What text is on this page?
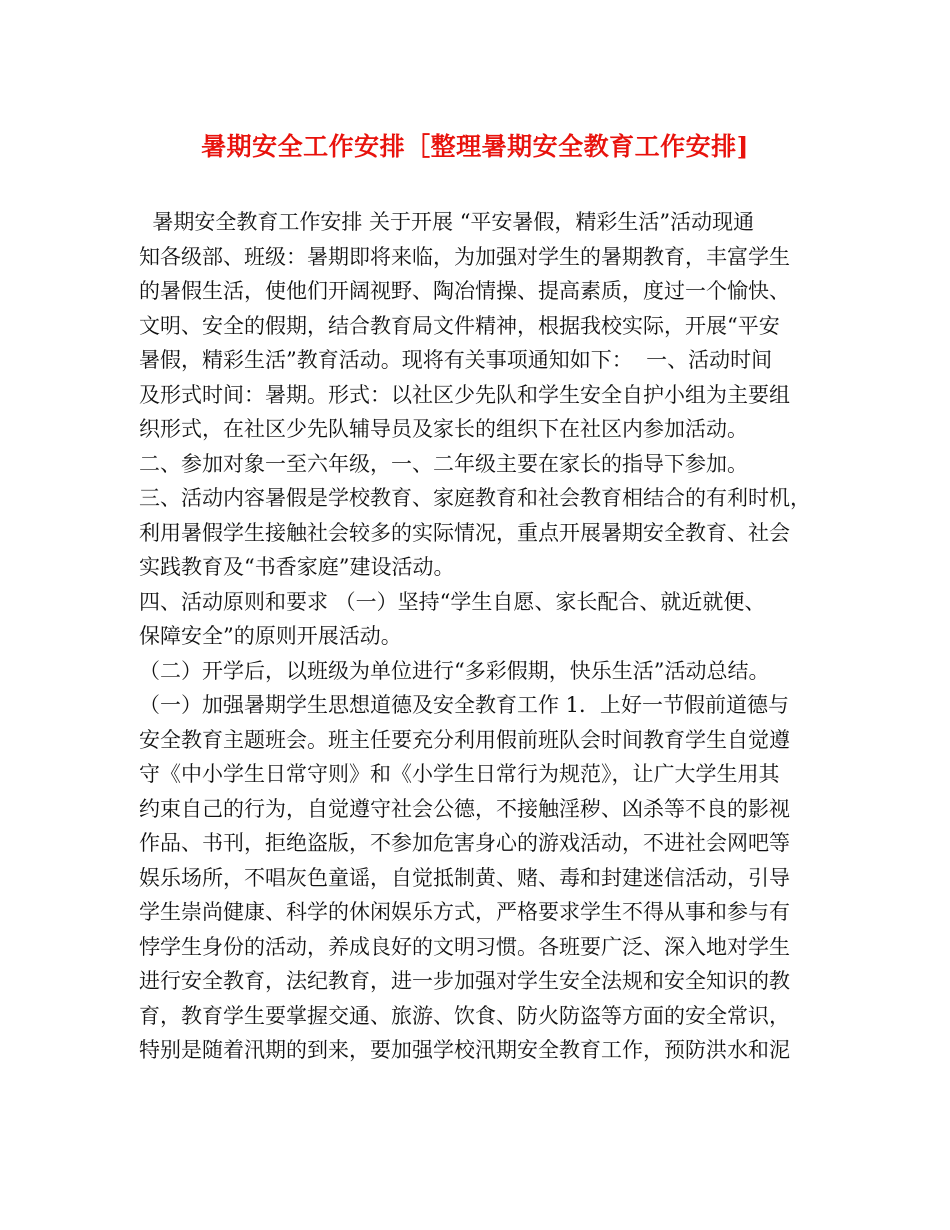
暑期安全工作安排［整理暑期安全教育工作安排]
暑期安全教育工作安排 关于开展 “平安暑假，精彩生活”活动现通
知各级部、班级：暑期即将来临，为加强对学生的暑期教育，丰富学生
的暑假生活，使他们开阔视野、陶冶情操、提高素质，度过一个愉快、
文明、安全的假期，结合教育局文件精神，根据我校实际，开展“平安
暑假，精彩生活”教育活动。现将有关事项通知如下：  一、活动时间
及形式时间：暑期。形式：以社区少先队和学生安全自护小组为主要组
织形式，在社区少先队辅导员及家长的组织下在社区内参加活动。
二、参加对象一至六年级，一、二年级主要在家长的指导下参加。
三、活动内容暑假是学校教育、家庭教育和社会教育相结合的有利时机，
利用暑假学生接触社会较多的实际情况，重点开展暑期安全教育、社会
实践教育及“书香家庭”建设活动。
四、活动原则和要求 （一）坚持“学生自愿、家长配合、就近就便、
保障安全”的原则开展活动。
（二）开学后，以班级为单位进行“多彩假期，快乐生活”活动总结。
（一）加强暑期学生思想道德及安全教育工作 1．上好一节假前道德与
安全教育主题班会。班主任要充分利用假前班队会时间教育学生自觉遵
守《中小学生日常守则》和《小学生日常行为规范》，让广大学生用其
约束自己的行为，自觉遵守社会公德，不接触淫秽、凶杀等不良的影视
作品、书刊，拒绝盗版，不参加危害身心的游戏活动，不进社会网吧等
娱乐场所，不唱灰色童谣，自觉抵制黄、赌、毒和封建迷信活动，引导
学生崇尚健康、科学的休闲娱乐方式，严格要求学生不得从事和参与有
悖学生身份的活动，养成良好的文明习惯。各班要广泛、深入地对学生
进行安全教育，法纪教育，进一步加强对学生安全法规和安全知识的教
育，教育学生要掌握交通、旅游、饮食、防火防盗等方面的安全常识，
特别是随着汛期的到来，要加强学校汛期安全教育工作，预防洪水和泥
